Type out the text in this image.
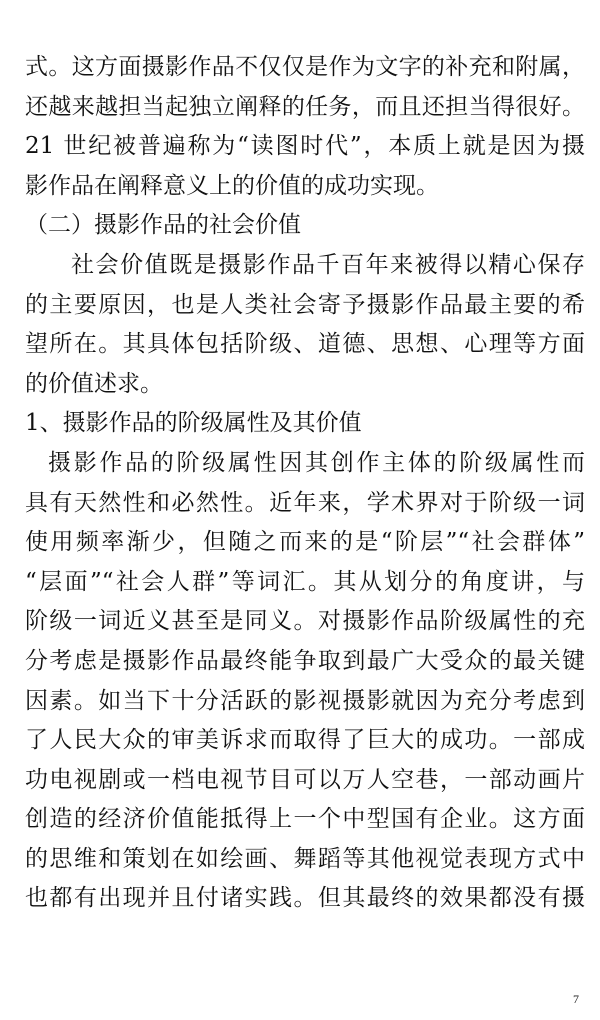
式。这方面摄影作品不仅仅是作为文字的补充和附属，
还越来越担当起独立阐释的任务，而且还担当得很好。
21 世纪被普遍称为“读图时代”，本质上就是因为摄
影作品在阐释意义上的价值的成功实现。
（二）摄影作品的社会价值
社会价值既是摄影作品千百年来被得以精心保存
的主要原因，也是人类社会寄予摄影作品最主要的希
望所在。其具体包括阶级、道德、思想、心理等方面
的价值述求。
1、摄影作品的阶级属性及其价值
摄影作品的阶级属性因其创作主体的阶级属性而
具有天然性和必然性。近年来，学术界对于阶级一词
使用频率渐少，但随之而来的是“阶层”“社会群体”
“层面”“社会人群”等词汇。其从划分的角度讲，与
阶级一词近义甚至是同义。对摄影作品阶级属性的充
分考虑是摄影作品最终能争取到最广大受众的最关键
因素。如当下十分活跃的影视摄影就因为充分考虑到
了人民大众的审美诉求而取得了巨大的成功。一部成
功电视剧或一档电视节目可以万人空巷，一部动画片
创造的经济价值能抵得上一个中型国有企业。这方面
的思维和策划在如绘画、舞蹈等其他视觉表现方式中
也都有出现并且付诸实践。但其最终的效果都没有摄
7
